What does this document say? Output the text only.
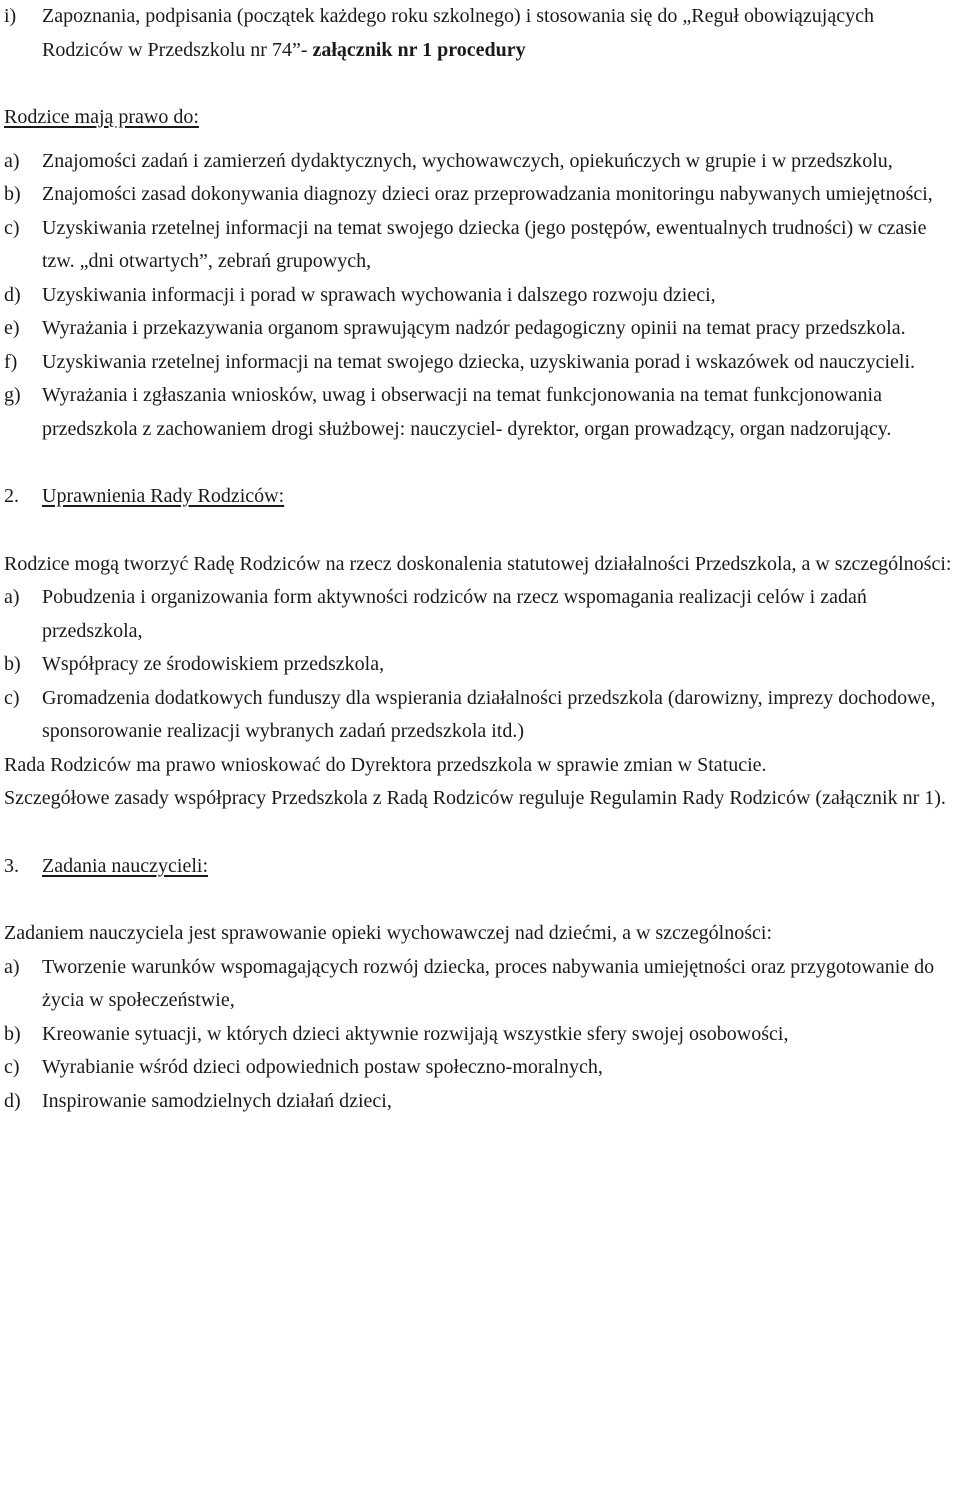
i)	Zapoznania, podpisania (początek każdego roku szkolnego) i stosowania się do „Reguł obowiązujących Rodziców w Przedszkolu nr 74”- załącznik nr 1 procedury

Rodzice mają prawo do:

a)	Znajomości zadań i zamierzeń dydaktycznych, wychowawczych, opiekuńczych w grupie i w przedszkolu,

b)	Znajomości zasad dokonywania diagnozy dzieci oraz przeprowadzania monitoringu nabywanych umiejętności,

c)	Uzyskiwania rzetelnej informacji na temat swojego dziecka (jego postępów, ewentualnych trudności) w czasie tzw. „dni otwartych”, zebrań grupowych,

d)	Uzyskiwania informacji i porad w sprawach wychowania i dalszego rozwoju dzieci,

e)	Wyrażania i przekazywania organom sprawującym nadzór pedagogiczny opinii na temat pracy przedszkola.

f)	Uzyskiwania rzetelnej informacji na temat swojego dziecka, uzyskiwania porad i wskazówek od nauczycieli.

g)	Wyrażania i zgłaszania wniosków, uwag i obserwacji na temat funkcjonowania na temat funkcjonowania przedszkola z zachowaniem drogi służbowej: nauczyciel- dyrektor, organ prowadzący, organ nadzorujący.

2.	Uprawnienia Rady Rodziców:

Rodzice mogą tworzyć Radę Rodziców na rzecz doskonalenia statutowej działalności Przedszkola, a w szczególności:

a)	Pobudzenia i organizowania form aktywności rodziców na rzecz wspomagania realizacji celów i zadań przedszkola,

b)	Współpracy ze środowiskiem przedszkola,

c)	Gromadzenia dodatkowych funduszy dla wspierania działalności przedszkola (darowizny, imprezy dochodowe, sponsorowanie realizacji wybranych zadań przedszkola itd.)

Rada Rodziców ma prawo wnioskować do Dyrektora przedszkola w sprawie zmian w Statucie.

Szczegółowe zasady współpracy Przedszkola z Radą Rodziców reguluje Regulamin Rady Rodziców (załącznik nr 1).

3.	Zadania nauczycieli:

Zadaniem nauczyciela jest sprawowanie opieki wychowawczej nad dziećmi, a w szczególności:

a)	Tworzenie warunków wspomagających rozwój dziecka, proces nabywania umiejętności oraz przygotowanie do życia w społeczeństwie,

b)	Kreowanie sytuacji, w których dzieci aktywnie rozwijają wszystkie sfery swojej osobowości,

c)	Wyrabianie wśród dzieci odpowiednich postaw społeczno-moralnych,

d)	Inspirowanie samodzielnych działań dzieci,
